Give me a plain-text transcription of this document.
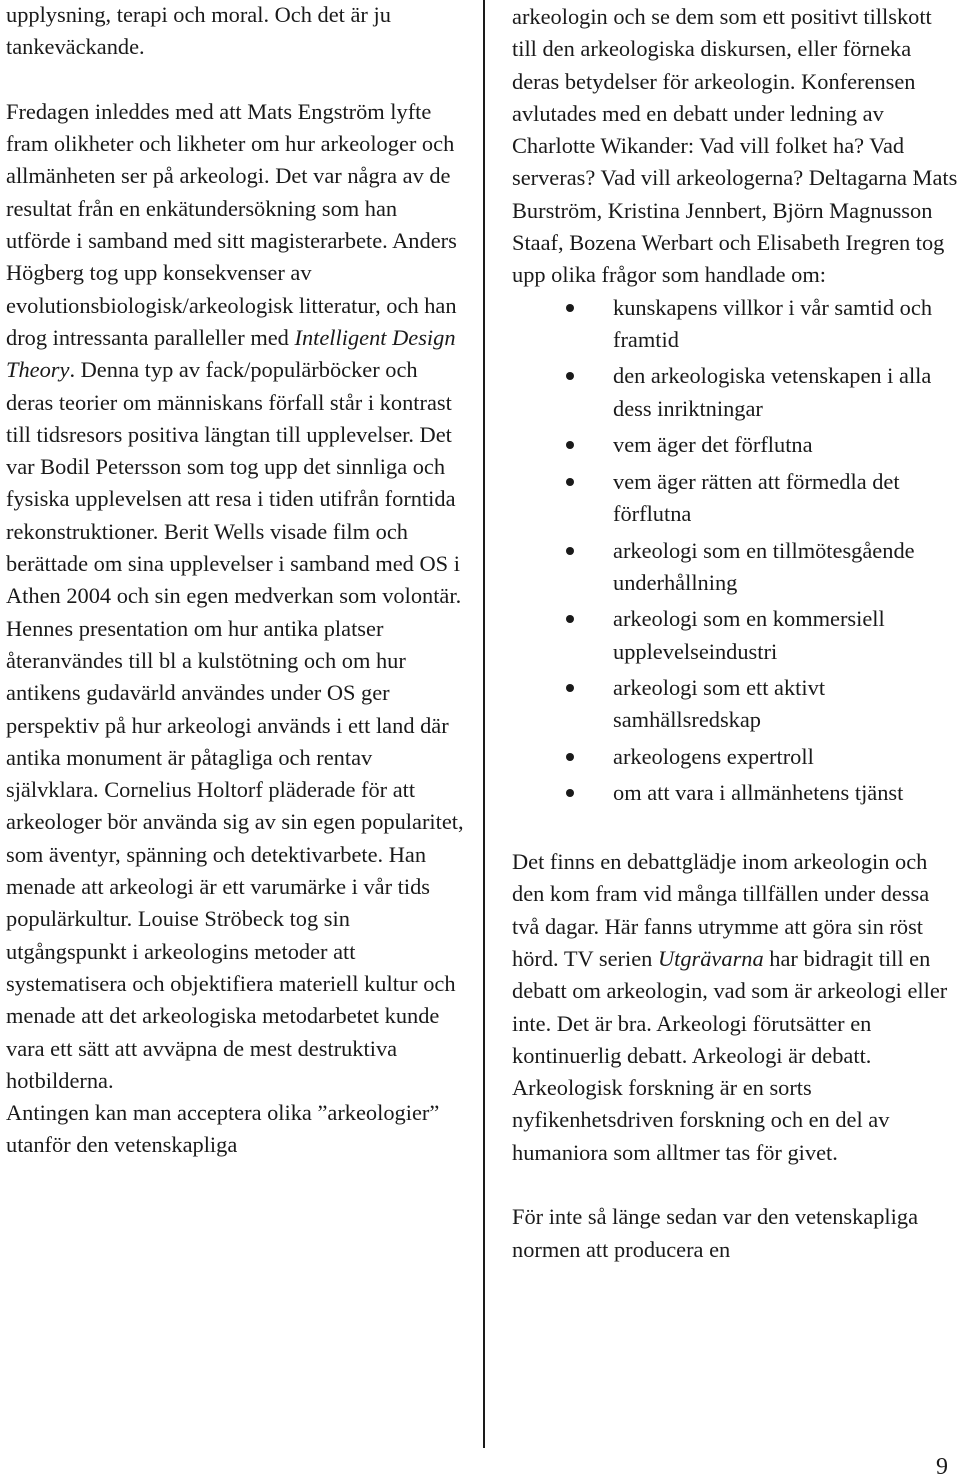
upplysning, terapi och moral. Och det är ju tankeväckande.

Fredagen inleddes med att Mats Engström lyfte fram olikheter och likheter om hur arkeologer och allmänheten ser på arkeologi. Det var några av de resultat från en enkätundersökning som han utförde i samband med sitt magisterarbete. Anders Högberg tog upp konsekvenser av evolutionsbiologisk/arkeologisk litteratur, och han drog intressanta paralleller med Intelligent Design Theory. Denna typ av fack/populärböcker och deras teorier om människans förfall står i kontrast till tidsresors positiva längtan till upplevelser. Det var Bodil Petersson som tog upp det sinnliga och fysiska upplevelsen att resa i tiden utifrån forntida rekonstruktioner. Berit Wells visade film och berättade om sina upplevelser i samband med OS i Athen 2004 och sin egen medverkan som volontär. Hennes presentation om hur antika platser återanvändes till bl a kulstötning och om hur antikens gudavärld användes under OS ger perspektiv på hur arkeologi används i ett land där antika monument är påtagliga och rentav självklara. Cornelius Holtorf pläderade för att arkeologer bör använda sig av sin egen popularitet, som äventyr, spänning och detektivarbete. Han menade att arkeologi är ett varumärke i vår tids populärkultur. Louise Ströbeck tog sin utgångspunkt i arkeologins metoder att systematisera och objektifiera materiell kultur och menade att det arkeologiska metodarbetet kunde vara ett sätt att avväpna de mest destruktiva hotbilderna.

Antingen kan man acceptera olika ”arkeologier” utanför den vetenskapliga

arkeologin och se dem som ett positivt tillskott till den arkeologiska diskursen, eller förneka deras betydelser för arkeologin. Konferensen avlutades med en debatt under ledning av Charlotte Wikander: Vad vill folket ha? Vad serveras? Vad vill arkeologerna? Deltagarna Mats Burström, Kristina Jennbert, Björn Magnusson Staaf, Bozena Werbart och Elisabeth Iregren tog upp olika frågor som handlade om:

kunskapens villkor i vår samtid och framtid
den arkeologiska vetenskapen i alla dess inriktningar
vem äger det förflutna
vem äger rätten att förmedla det förflutna
arkeologi som en tillmötesgående underhållning
arkeologi som en kommersiell upplevelseindustri
arkeologi som ett aktivt samhällsredskap
arkeologens expertroll
om att vara i allmänhetens tjänst

Det finns en debattglädje inom arkeologin och den kom fram vid många tillfällen under dessa två dagar. Här fanns utrymme att göra sin röst hörd. TV serien Utgrävarna har bidragit till en debatt om arkeologin, vad som är arkeologi eller inte. Det är bra. Arkeologi förutsätter en kontinuerlig debatt. Arkeologi är debatt. Arkeologisk forskning är en sorts nyfikenhetsdriven forskning och en del av humaniora som alltmer tas för givet.

För inte så länge sedan var den vetenskapliga normen att producera en

9
